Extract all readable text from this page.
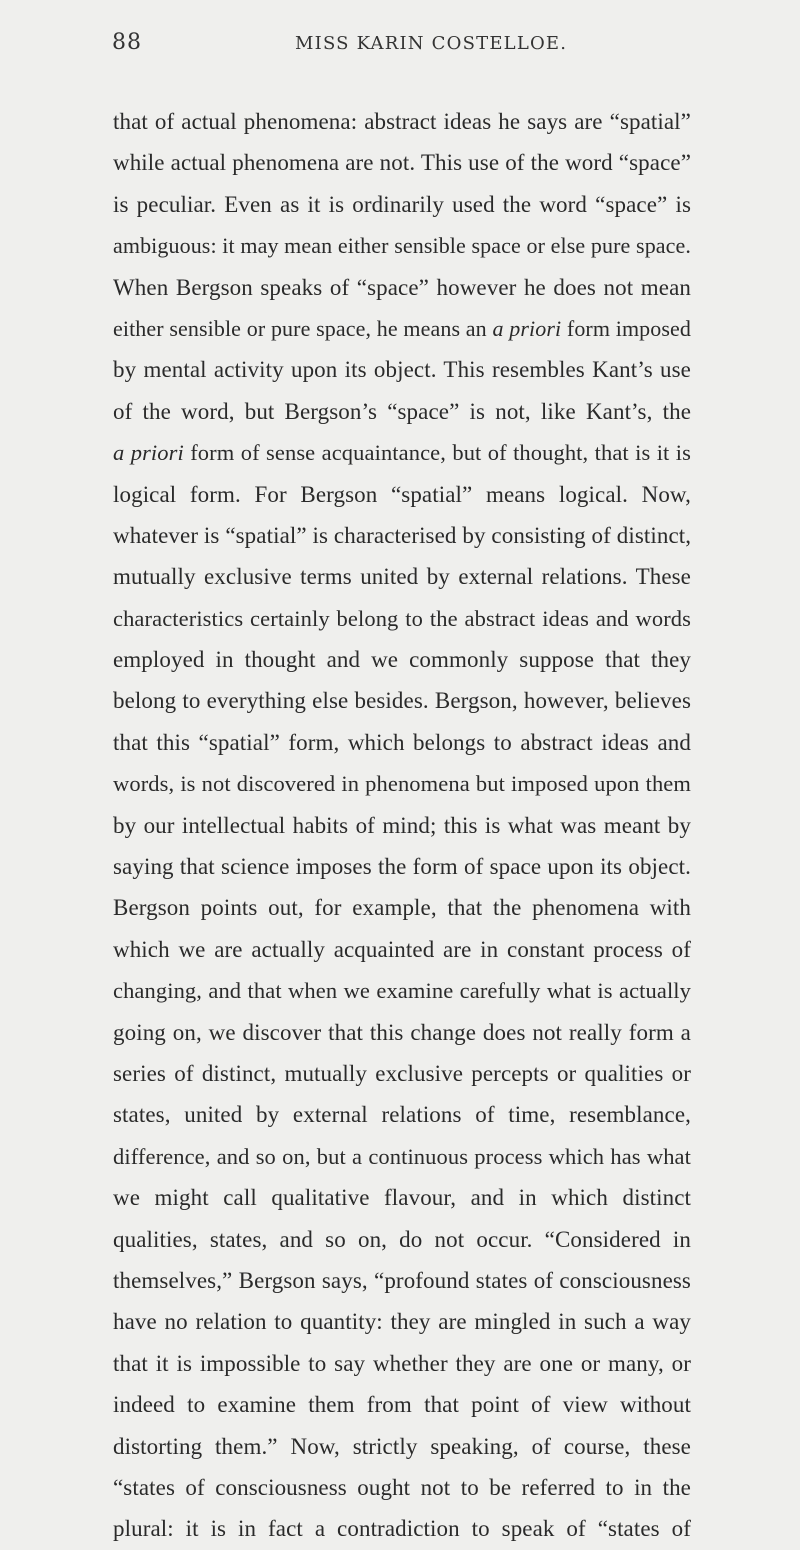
88	MISS KARIN COSTELLOE.
that of actual phenomena: abstract ideas he says are “spatial”
while actual phenomena are not. This use of the word “space”
is peculiar. Even as it is ordinarily used the word “space” is
ambiguous: it may mean either sensible space or else pure space.
When Bergson speaks of “space” however he does not mean
either sensible or pure space, he means an a priori form imposed
by mental activity upon its object. This resembles Kant’s use
of the word, but Bergson’s “space” is not, like Kant’s, the
a priori form of sense acquaintance, but of thought, that is it is
logical form. For Bergson “spatial” means logical. Now,
whatever is “spatial” is characterised by consisting of distinct,
mutually exclusive terms united by external relations. These
characteristics certainly belong to the abstract ideas and words
employed in thought and we commonly suppose that they
belong to everything else besides. Bergson, however, believes
that this “spatial” form, which belongs to abstract ideas and
words, is not discovered in phenomena but imposed upon them
by our intellectual habits of mind; this is what was meant by
saying that science imposes the form of space upon its object.
Bergson points out, for example, that the phenomena with
which we are actually acquainted are in constant process of
changing, and that when we examine carefully what is actually
going on, we discover that this change does not really form a
series of distinct, mutually exclusive percepts or qualities or
states, united by external relations of time, resemblance,
difference, and so on, but a continuous process which has what
we might call qualitative flavour, and in which distinct
qualities, states, and so on, do not occur. “Considered in
themselves,” Bergson says, “profound states of consciousness
have no relation to quantity: they are mingled in such a way
that it is impossible to say whether they are one or many, or
indeed to examine them from that point of view without
distorting them.” Now, strictly speaking, of course, these
“states of consciousness ought not to be referred to in the
plural: it is in fact a contradiction to speak of “states of
